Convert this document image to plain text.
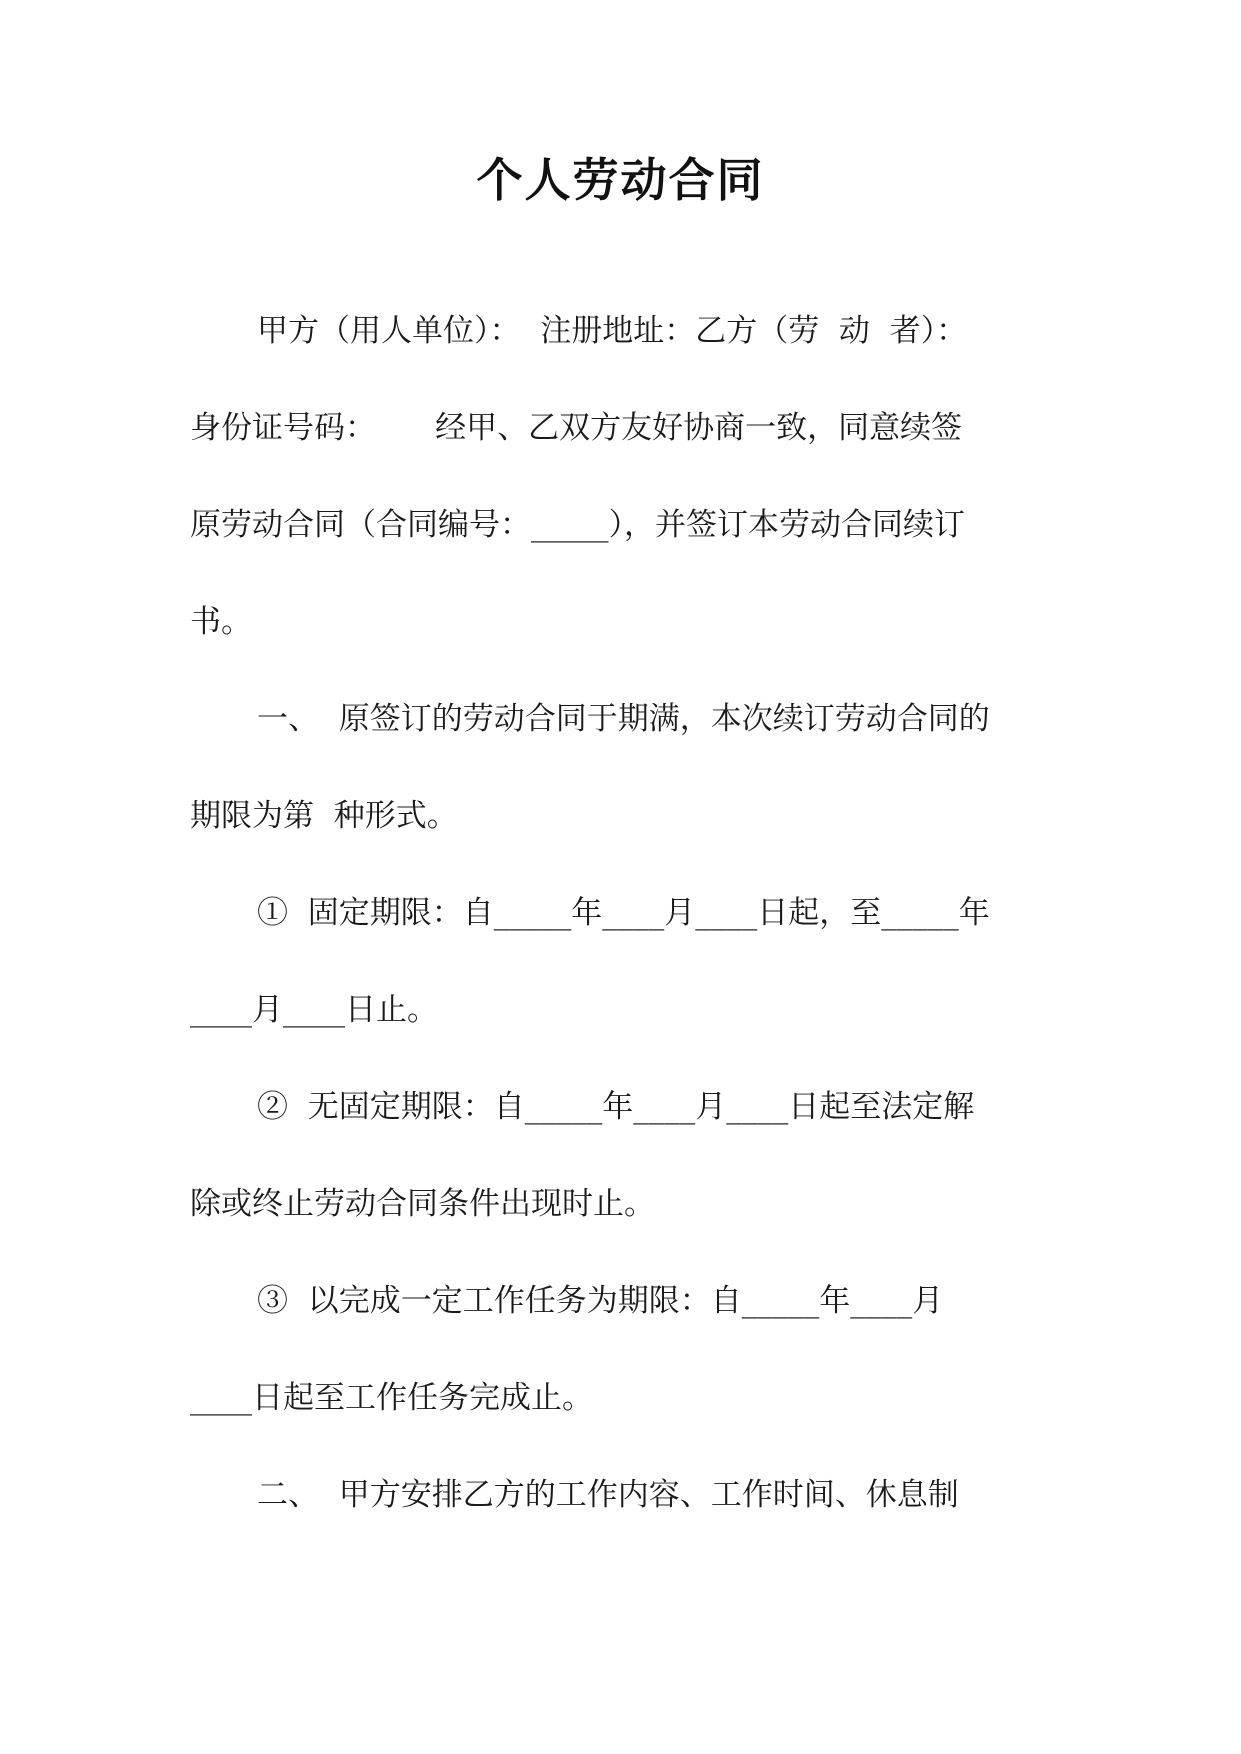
个人劳动合同
甲方（用人单位）：  注册地址：乙方（劳  动  者）：
身份证号码：      经甲、乙双方友好协商一致，同意续签
原劳动合同（合同编号：_____），并签订本劳动合同续订
书。
一、  原签订的劳动合同于期满，本次续订劳动合同的
期限为第  种形式。
①  固定期限：自_____年____月____日起，至_____年
____月____日止。
②  无固定期限：自_____年____月____日起至法定解
除或终止劳动合同条件出现时止。
③  以完成一定工作任务为期限：自_____年____月
____日起至工作任务完成止。
二、  甲方安排乙方的工作内容、工作时间、休息制
